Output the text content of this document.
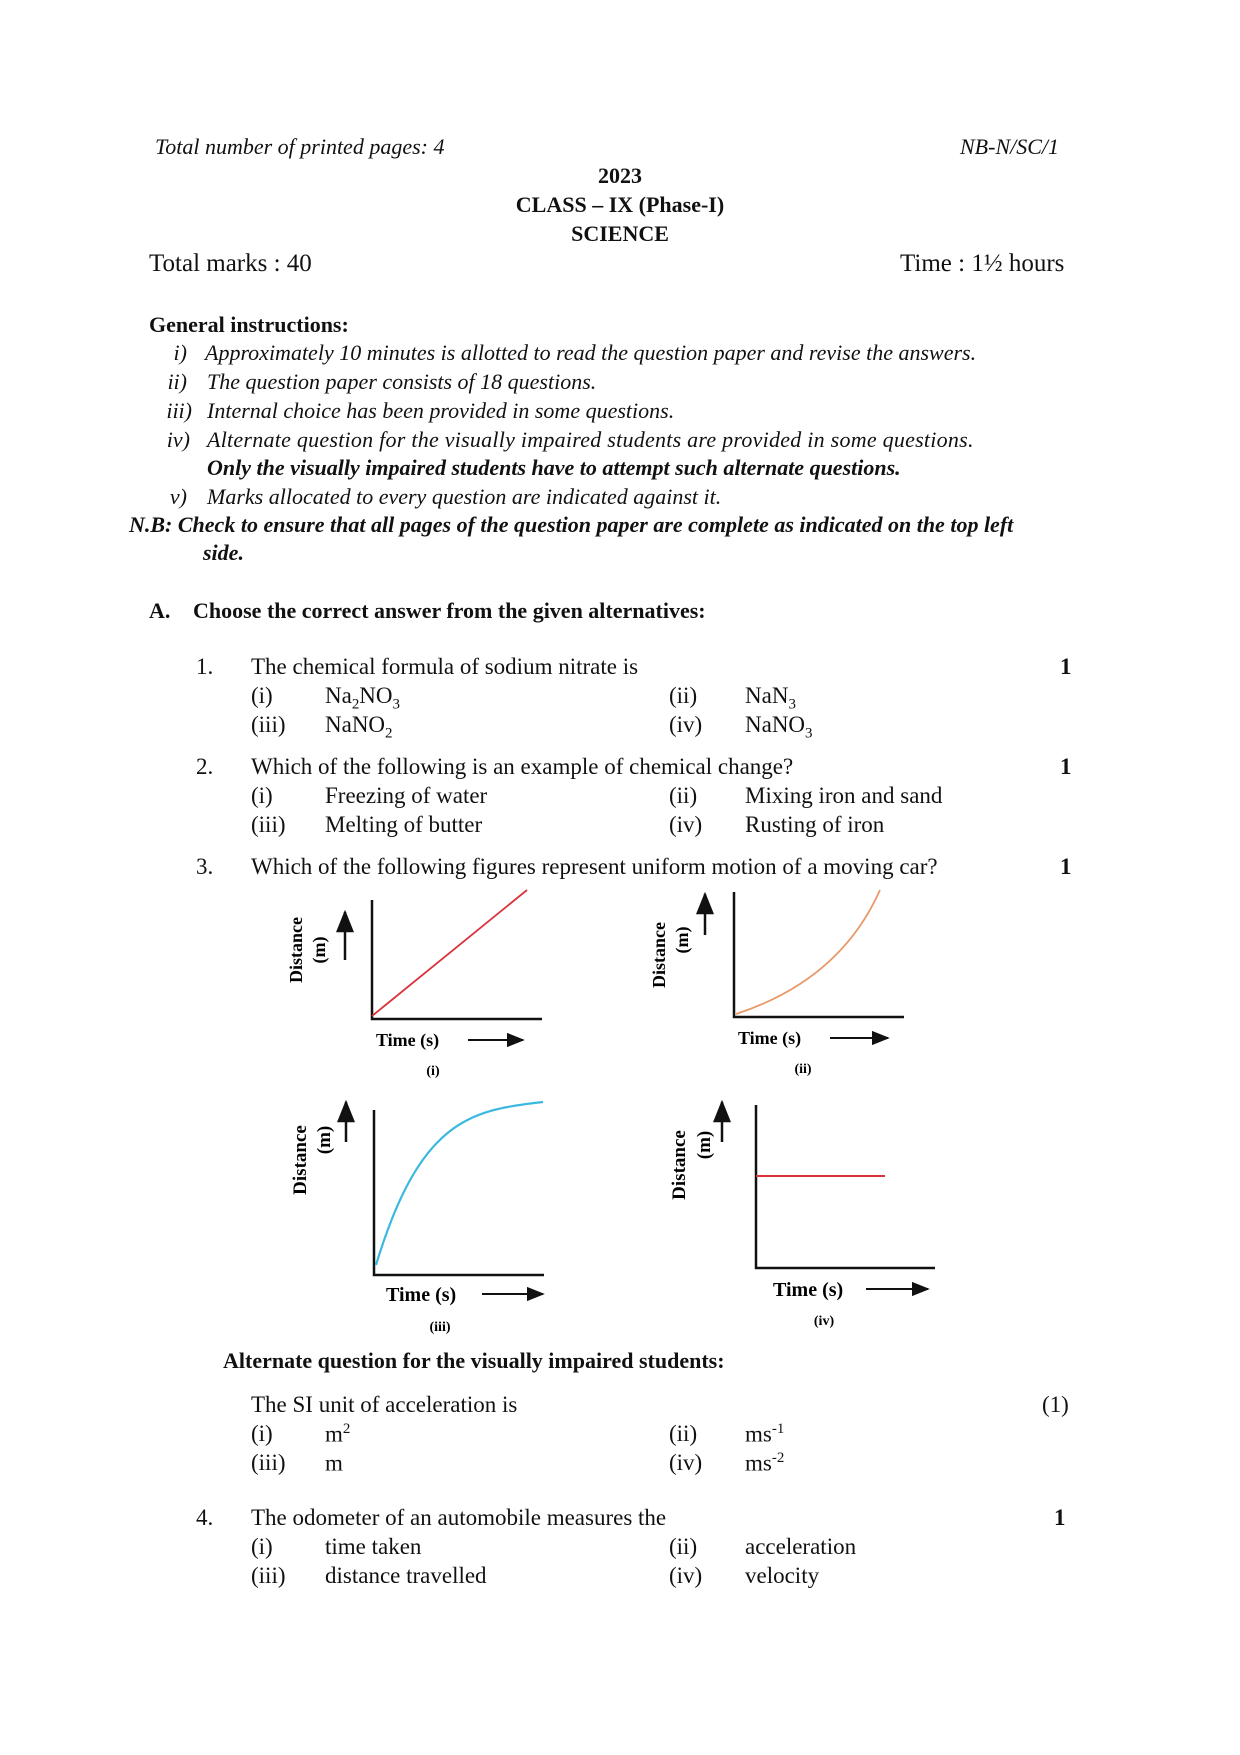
Total number of printed pages: 4	NB-N/SC/1
2023
CLASS – IX (Phase-I)
SCIENCE
Total marks : 40	Time : 1½ hours
General instructions:
i) Approximately 10 minutes is allotted to read the question paper and revise the answers.
ii) The question paper consists of 18 questions.
iii) Internal choice has been provided in some questions.
iv) Alternate question for the visually impaired students are provided in some questions.
Only the visually impaired students have to attempt such alternate questions.
v) Marks allocated to every question are indicated against it.
N.B: Check to ensure that all pages of the question paper are complete as indicated on the top left
side.
A. Choose the correct answer from the given alternatives:
1. The chemical formula of sodium nitrate is	1
(i) $Na_2NO_3$	(ii) NaN$_3$
(iii) NaNO$_2$	(iv) NaNO$_3$
2. Which of the following is an example of chemical change?	1
(i) Freezing of water	(ii) Mixing iron and sand
(iii) Melting of butter	(iv) Rusting of iron
3. Which of the following figures represent uniform motion of a moving car?	1
Distance (m)
Time (s)
(i)
Distance (m)
Time (s)
(ii)
Distance (m)
Time (s)
(iii)
Distance (m)
Time (s)
(iv)
Alternate question for the visually impaired students:
The SI unit of acceleration is	(1)
(i) $m^2$	(ii) $ms^{-1}$
(iii) m	(iv) $ms^{-2}$
4. The odometer of an automobile measures the	1
(i) time taken	(ii) acceleration
(iii) distance travelled	(iv) velocity
